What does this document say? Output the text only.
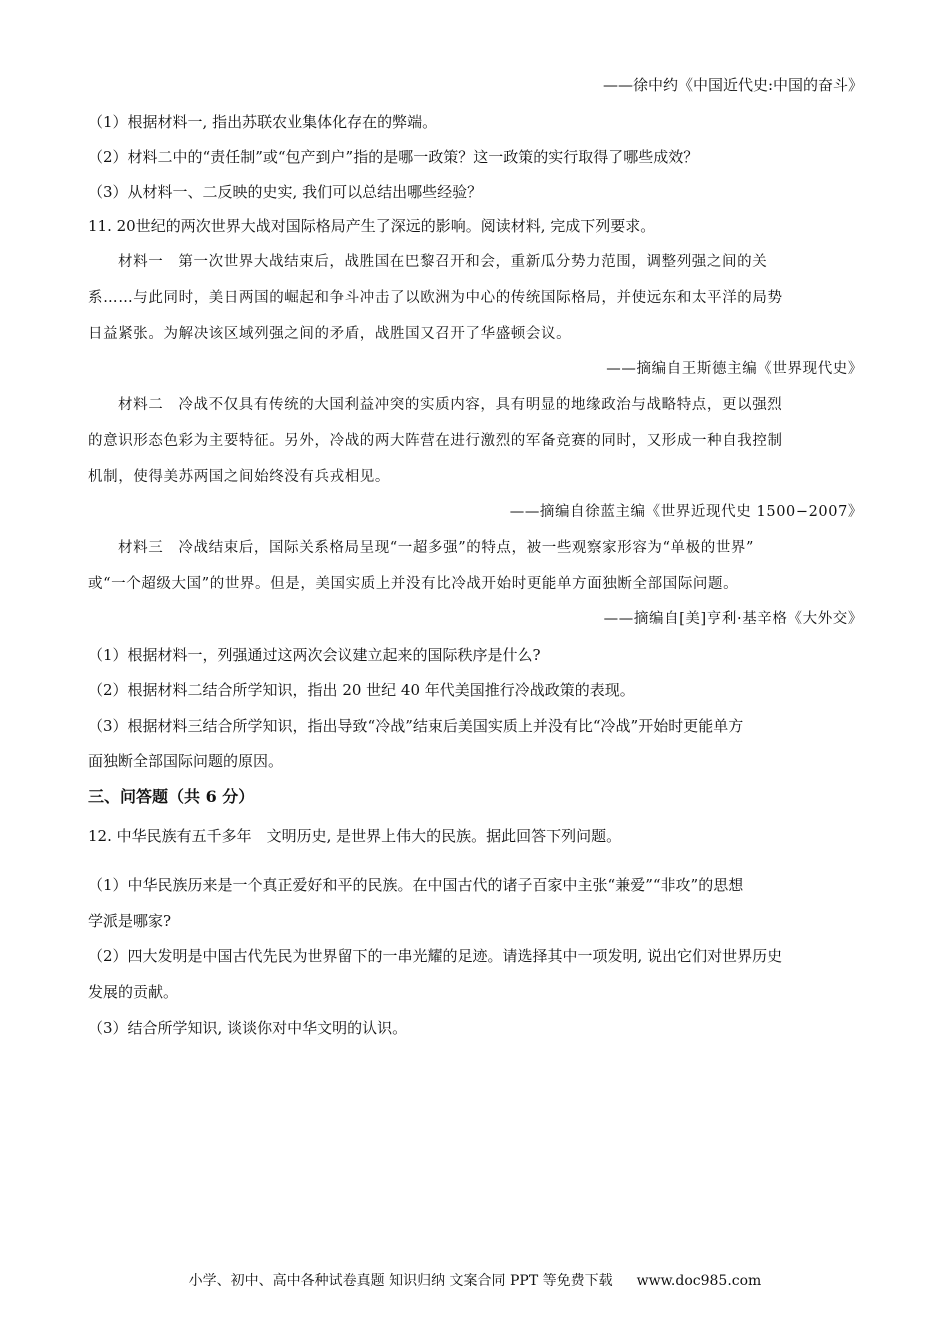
——徐中约《中国近代史:中国的奋斗》
（1）根据材料一, 指出苏联农业集体化存在的弊端。
（2）材料二中的“责任制”或“包产到户”指的是哪一政策？这一政策的实行取得了哪些成效？
（3）从材料一、二反映的史实, 我们可以总结出哪些经验？
11. 20世纪的两次世界大战对国际格局产生了深远的影响。阅读材料, 完成下列要求。
材料一　第一次世界大战结束后，战胜国在巴黎召开和会，重新瓜分势力范围，调整列强之间的关
系……与此同时，美日两国的崛起和争斗冲击了以欧洲为中心的传统国际格局，并使远东和太平洋的局势
日益紧张。为解决该区域列强之间的矛盾，战胜国又召开了华盛顿会议。
——摘编自王斯德主编《世界现代史》
材料二　冷战不仅具有传统的大国利益冲突的实质内容，具有明显的地缘政治与战略特点，更以强烈
的意识形态色彩为主要特征。另外，冷战的两大阵营在进行激烈的军备竞赛的同时，又形成一种自我控制
机制，使得美苏两国之间始终没有兵戎相见。
——摘编自徐蓝主编《世界近现代史 1500−2007》
材料三　冷战结束后，国际关系格局呈现“一超多强”的特点，被一些观察家形容为“单极的世界”
或“一个超级大国”的世界。但是，美国实质上并没有比冷战开始时更能单方面独断全部国际问题。
——摘编自[美]亨利·基辛格《大外交》
（1）根据材料一，列强通过这两次会议建立起来的国际秩序是什么?
（2）根据材料二结合所学知识，指出 20 世纪 40 年代美国推行冷战政策的表现。
（3）根据材料三结合所学知识，指出导致“冷战”结束后美国实质上并没有比“冷战”开始时更能单方
面独断全部国际问题的原因。
三、问答题（共 6 分）
12. 中华民族有五千多年　文明历史, 是世界上伟大的民族。据此回答下列问题。
（1）中华民族历来是一个真正爱好和平的民族。在中国古代的诸子百家中主张“兼爱”“非攻”的思想
学派是哪家?
（2）四大发明是中国古代先民为世界留下的一串光耀的足迹。请选择其中一项发明, 说出它们对世界历史
发展的贡献。
（3）结合所学知识, 谈谈你对中华文明的认识。
小学、初中、高中各种试卷真题 知识归纳 文案合同 PPT 等免费下载 www.doc985.com
